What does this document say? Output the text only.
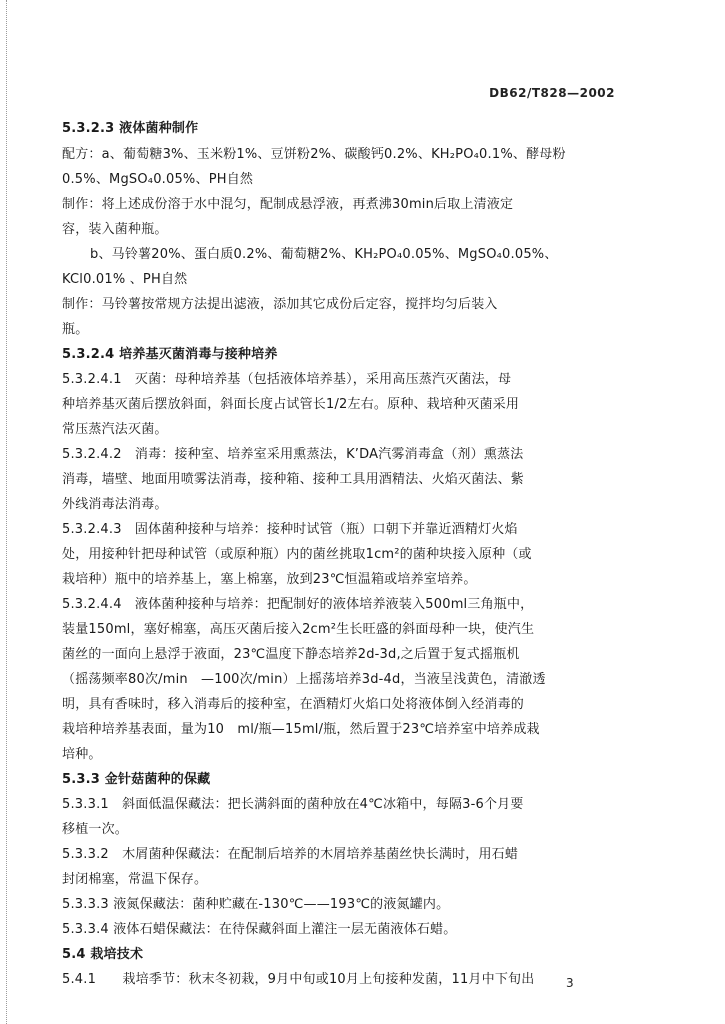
DB62/T828—2002
5.3.2.3 液体菌种制作
配方：a、葡萄糖3%、玉米粉1%、豆饼粉2%、碳酸钙0.2%、KH₂PO₄0.1%、酵母粉
0.5%、MgSO₄0.05%、PH自然
制作：将上述成份溶于水中混匀，配制成悬浮液，再煮沸30min后取上清液定
容，装入菌种瓶。
b、马铃薯20%、蛋白质0.2%、葡萄糖2%、KH₂PO₄0.05%、MgSO₄0.05%、
KCl0.01% 、PH自然
制作：马铃薯按常规方法提出滤液，添加其它成份后定容，搅拌均匀后装入
瓶。
5.3.2.4 培养基灭菌消毒与接种培养
5.3.2.4.1　灭菌：母种培养基（包括液体培养基），采用高压蒸汽灭菌法，母
种培养基灭菌后摆放斜面，斜面长度占试管长1/2左右。原种、栽培种灭菌采用
常压蒸汽法灭菌。
5.3.2.4.2　消毒：接种室、培养室采用熏蒸法，K’DA汽雾消毒盒（剂）熏蒸法
消毒，墙壁、地面用喷雾法消毒，接种箱、接种工具用酒精法、火焰灭菌法、紫
外线消毒法消毒。
5.3.2.4.3　固体菌种接种与培养：接种时试管（瓶）口朝下并靠近酒精灯火焰
处，用接种针把母种试管（或原种瓶）内的菌丝挑取1cm²的菌种块接入原种（或
栽培种）瓶中的培养基上，塞上棉塞，放到23℃恒温箱或培养室培养。
5.3.2.4.4　液体菌种接种与培养：把配制好的液体培养液装入500ml三角瓶中，
装量150ml，塞好棉塞，高压灭菌后接入2cm²生长旺盛的斜面母种一块，使汽生
菌丝的一面向上悬浮于液面，23℃温度下静态培养2d-3d,之后置于复式摇瓶机
（摇荡频率80次/min　—100次/min）上摇荡培养3d-4d，当液呈浅黄色，清澈透
明，具有香味时，移入消毒后的接种室，在酒精灯火焰口处将液体倒入经消毒的
栽培种培养基表面，量为10　ml/瓶—15ml/瓶，然后置于23℃培养室中培养成栽
培种。
5.3.3 金针菇菌种的保藏
5.3.3.1　斜面低温保藏法：把长满斜面的菌种放在4℃冰箱中，每隔3-6个月要
移植一次。
5.3.3.2　木屑菌种保藏法：在配制后培养的木屑培养基菌丝快长满时，用石蜡
封闭棉塞，常温下保存。
5.3.3.3 液氮保藏法：菌种贮藏在-130℃——193℃的液氮罐内。
5.3.3.4 液体石蜡保藏法：在待保藏斜面上灌注一层无菌液体石蜡。
5.4 栽培技术
5.4.1　　栽培季节：秋末冬初栽，9月中旬或10月上旬接种发菌，11月中下旬出	3
